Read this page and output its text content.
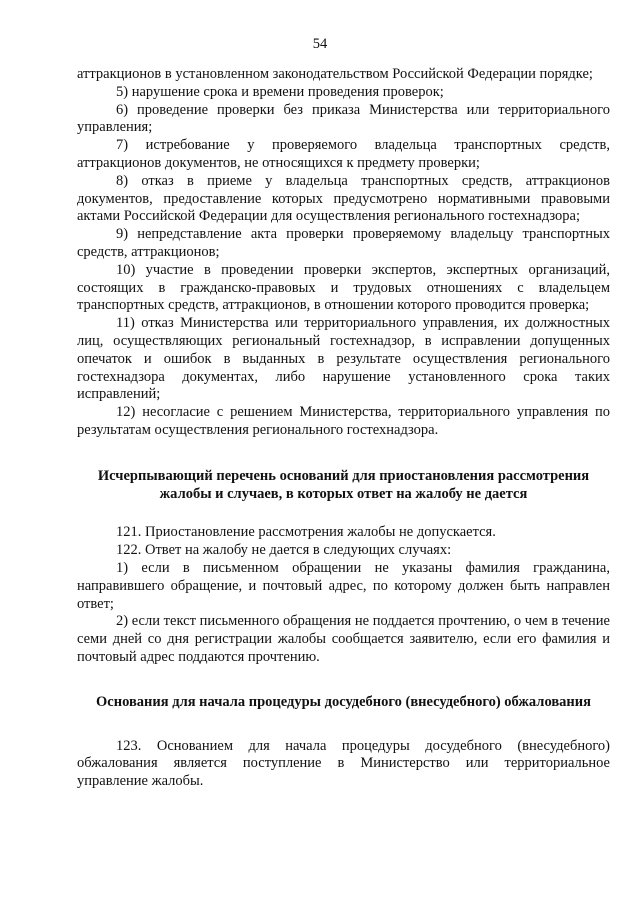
54

аттракционов в установленном законодательством Российской Федерации порядке;

5) нарушение срока и времени проведения проверок;

6) проведение проверки без приказа Министерства или территориального управления;

7) истребование у проверяемого владельца транспортных средств, аттракционов документов, не относящихся к предмету проверки;

8) отказ в приеме у владельца транспортных средств, аттракционов документов, предоставление которых предусмотрено нормативными правовыми актами Российской Федерации для осуществления регионального гостехнадзора;

9) непредставление акта проверки проверяемому владельцу транспортных средств, аттракционов;

10) участие в проведении проверки экспертов, экспертных организаций, состоящих в гражданско-правовых и трудовых отношениях с владельцем транспортных средств, аттракционов, в отношении которого проводится проверка;

11) отказ Министерства или территориального управления, их должностных лиц, осуществляющих региональный гостехнадзор, в исправлении допущенных опечаток и ошибок в выданных в результате осуществления регионального гостехнадзора документах, либо нарушение установленного срока таких исправлений;

12) несогласие с решением Министерства, территориального управления по результатам осуществления регионального гостехнадзора.

Исчерпывающий перечень оснований для приостановления рассмотрения жалобы и случаев, в которых ответ на жалобу не дается

121. Приостановление рассмотрения жалобы не допускается.

122. Ответ на жалобу не дается в следующих случаях:

1) если в письменном обращении не указаны фамилия гражданина, направившего обращение, и почтовый адрес, по которому должен быть направлен ответ;

2) если текст письменного обращения не поддается прочтению, о чем в течение семи дней со дня регистрации жалобы сообщается заявителю, если его фамилия и почтовый адрес поддаются прочтению.

Основания для начала процедуры досудебного (внесудебного) обжалования

123. Основанием для начала процедуры досудебного (внесудебного) обжалования является поступление в Министерство или территориальное управление жалобы.
